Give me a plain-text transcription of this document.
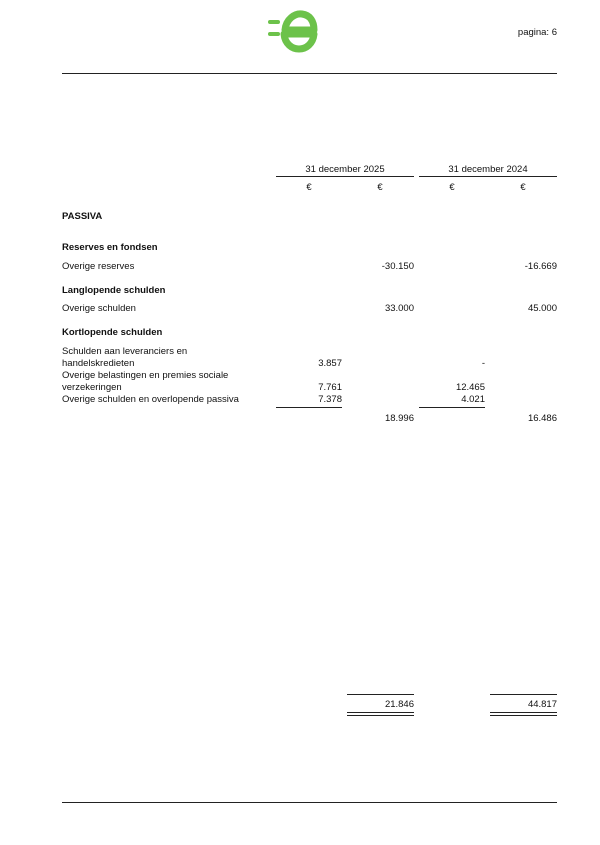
pagina: 6
31 december 2025	31 december 2024
€	€	€	€
PASSIVA
Reserves en fondsen
Overige reserves	-30.150	-16.669
Langlopende schulden
Overige schulden	33.000	45.000
Kortlopende schulden
Schulden aan leveranciers en
handelskredieten	3.857	-
Overige belastingen en premies sociale
verzekeringen	7.761	12.465
Overige schulden en overlopende passiva	7.378	4.021
18.996	16.486
21.846	44.817
